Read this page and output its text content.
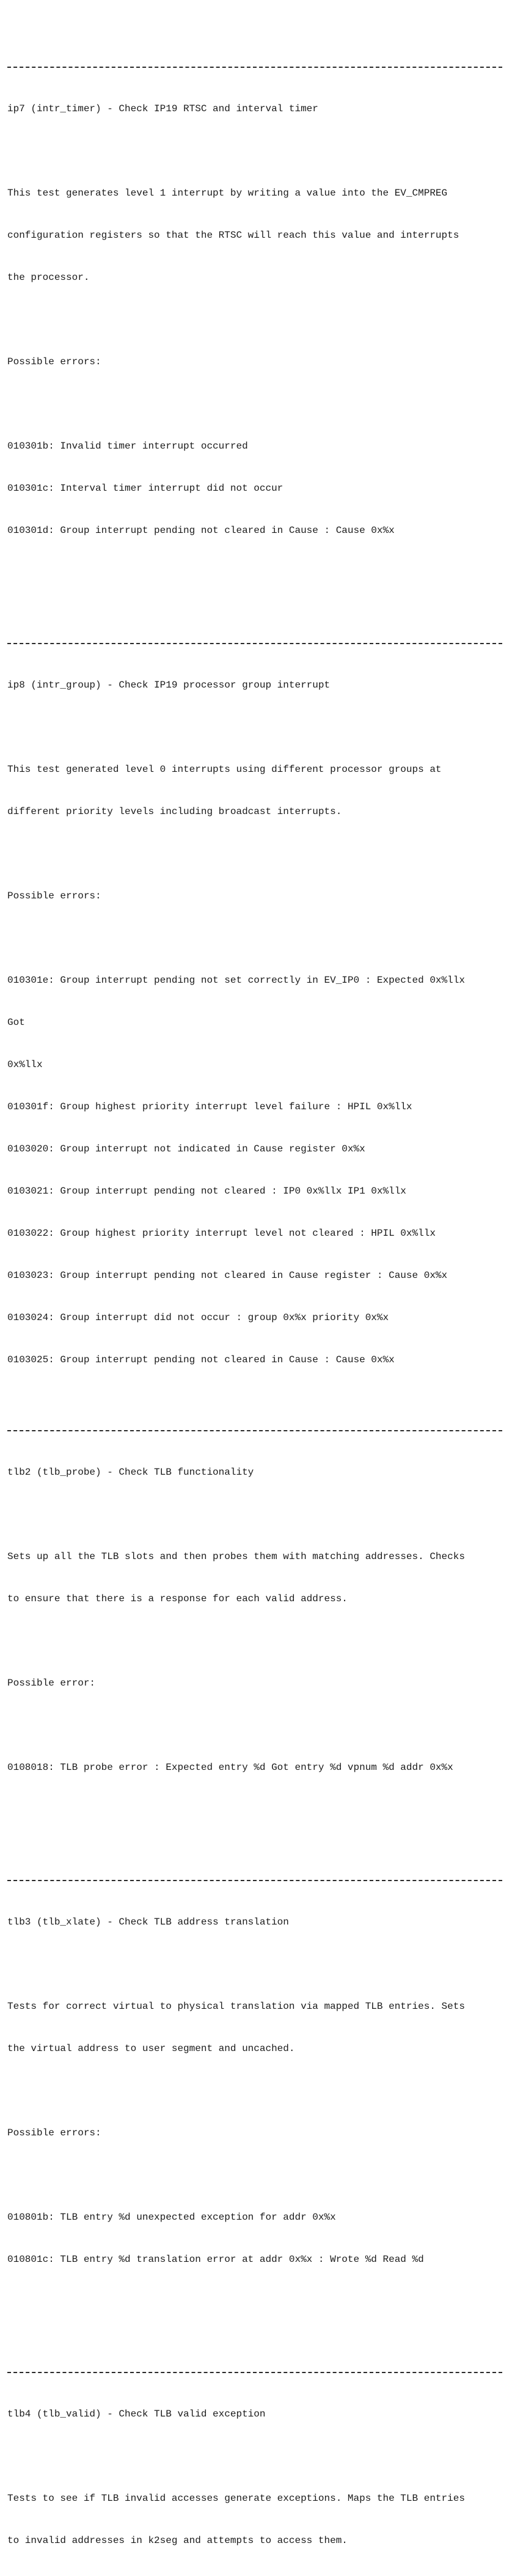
ip7 (intr_timer) - Check IP19 RTSC and interval timer

This test generates level 1 interrupt by writing a value into the EV_CMPREG

configuration registers so that the RTSC will reach this value and interrupts

the processor.

Possible errors:

010301b: Invalid timer interrupt occurred

010301c: Interval timer interrupt did not occur

010301d: Group interrupt pending not cleared in Cause : Cause 0x%x

ip8 (intr_group) - Check IP19 processor group interrupt

This test generated level 0 interrupts using different processor groups at

different priority levels including broadcast interrupts.

Possible errors:

010301e: Group interrupt pending not set correctly in EV_IP0 : Expected 0x%llx

Got

0x%llx

010301f: Group highest priority interrupt level failure : HPIL 0x%llx

0103020: Group interrupt not indicated in Cause register 0x%x

0103021: Group interrupt pending not cleared : IP0 0x%llx IP1 0x%llx

0103022: Group highest priority interrupt level not cleared : HPIL 0x%llx

0103023: Group interrupt pending not cleared in Cause register : Cause 0x%x

0103024: Group interrupt did not occur : group 0x%x priority 0x%x

0103025: Group interrupt pending not cleared in Cause : Cause 0x%x

tlb2 (tlb_probe) - Check TLB functionality

Sets up all the TLB slots and then probes them with matching addresses. Checks

to ensure that there is a response for each valid address.

Possible error:

0108018: TLB probe error : Expected entry %d Got entry %d vpnum %d addr 0x%x

tlb3 (tlb_xlate) - Check TLB address translation

Tests for correct virtual to physical translation via mapped TLB entries. Sets

the virtual address to user segment and uncached.

Possible errors:

010801b: TLB entry %d unexpected exception for addr 0x%x

010801c: TLB entry %d translation error at addr 0x%x : Wrote %d Read %d

tlb4 (tlb_valid) - Check TLB valid exception

Tests to see if TLB invalid accesses generate exceptions. Maps the TLB entries

to invalid addresses in k2seg and attempts to access them.
